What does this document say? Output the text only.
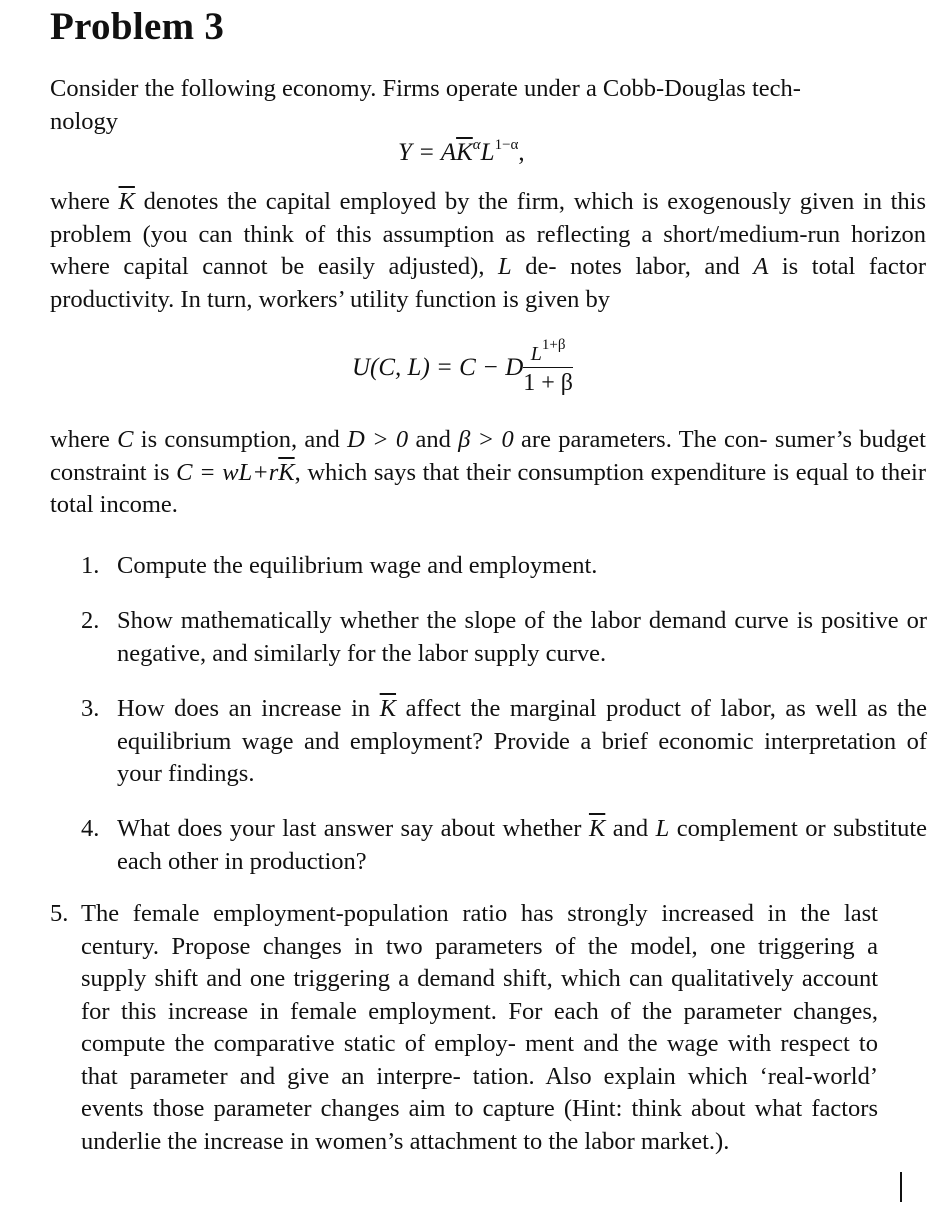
Problem 3

Consider the following economy. Firms operate under a Cobb-Douglas tech-
nology

$Y = A\overline{K}^\alpha L^{1-\alpha}$,

where $\overline{K}$ denotes the capital employed by the firm, which is exogenously given in this problem (you can think of this assumption as reflecting a short/medium-run horizon where capital cannot be easily adjusted), L de- notes labor, and A is total factor productivity. In turn, workers’ utility function is given by

U(C, L) = C − D $\frac{L^{1+\beta}}{1 + \beta}$

where C is consumption, and D > 0 and β > 0 are parameters. The con- sumer’s budget constraint is $C = wL+r\overline{K}$, which says that their consumption expenditure is equal to their total income.

1. Compute the equilibrium wage and employment.
2. Show mathematically whether the slope of the labor demand curve is positive or negative, and similarly for the labor supply curve.
3. How does an increase in $\overline{K}$ affect the marginal product of labor, as well as the equilibrium wage and employment? Provide a brief economic interpretation of your findings.
4. What does your last answer say about whether $\overline{K}$ and L complement or substitute each other in production?
5. The female employment-population ratio has strongly increased in the last century. Propose changes in two parameters of the model, one triggering a supply shift and one triggering a demand shift, which can qualitatively account for this increase in female employment. For each of the parameter changes, compute the comparative static of employ- ment and the wage with respect to that parameter and give an interpre- tation. Also explain which ‘real-world’ events those parameter changes aim to capture (Hint: think about what factors underlie the increase in women’s attachment to the labor market.).
